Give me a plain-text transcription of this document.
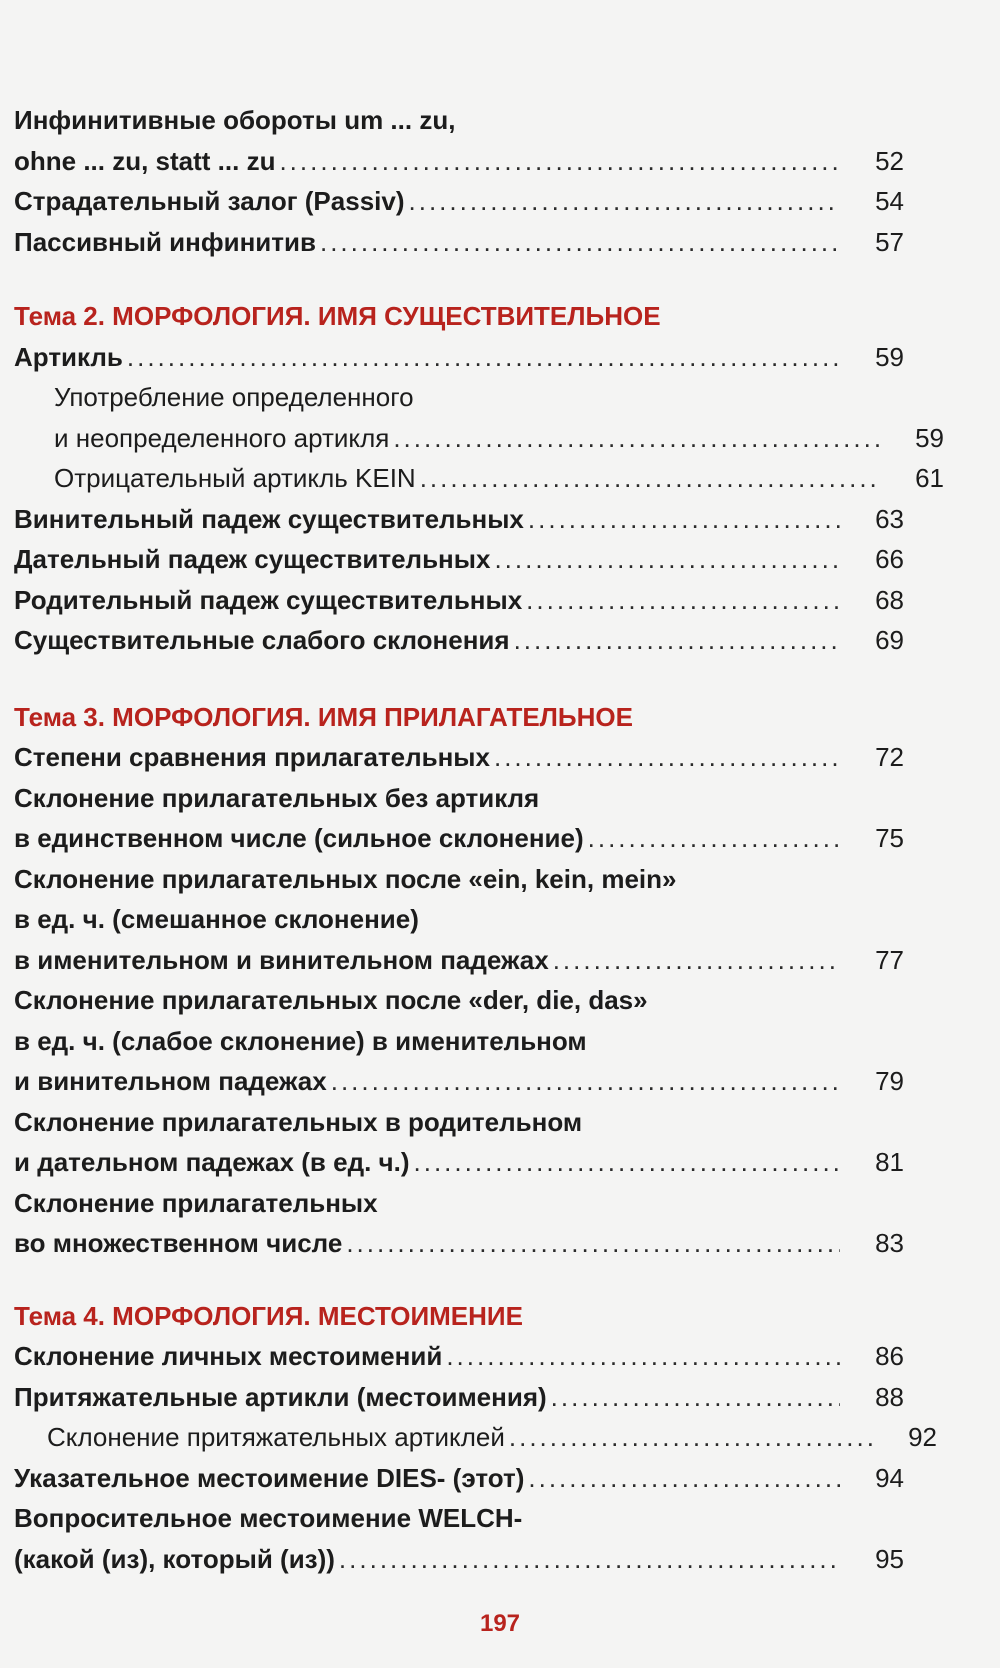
Инфинитивные обороты um ... zu,
ohne ... zu, statt ... zu .....	52
Страдательный залог (Passiv) .....	54
Пассивный инфинитив .....	57
Тема 2. МОРФОЛОГИЯ. ИМЯ СУЩЕСТВИТЕЛЬНОЕ
Артикль .....	59
Употребление определенного
и неопределенного артикля .....	59
Отрицательный артикль KEIN .....	61
Винительный падеж существительных .....	63
Дательный падеж существительных .....	66
Родительный падеж существительных .....	68
Существительные слабого склонения .....	69
Тема 3. МОРФОЛОГИЯ. ИМЯ ПРИЛАГАТЕЛЬНОЕ
Степени сравнения прилагательных .....	72
Склонение прилагательных без артикля
в единственном числе (сильное склонение) .....	75
Склонение прилагательных после «ein, kein, mein»
в ед. ч. (смешанное склонение)
в именительном и винительном падежах .....	77
Склонение прилагательных после «der, die, das»
в ед. ч. (слабое склонение) в именительном
и винительном падежах .....	79
Склонение прилагательных в родительном
и дательном падежах (в ед. ч.) .....	81
Склонение прилагательных
во множественном числе .....	83
Тема 4. МОРФОЛОГИЯ. МЕСТОИМЕНИЕ
Склонение личных местоимений .....	86
Притяжательные артикли (местоимения) .....	88
Склонение притяжательных артиклей .....	92
Указательное местоимение DIES- (этот) .....	94
Вопросительное местоимение WELCH-
(какой (из), который (из)) .....	95
197
